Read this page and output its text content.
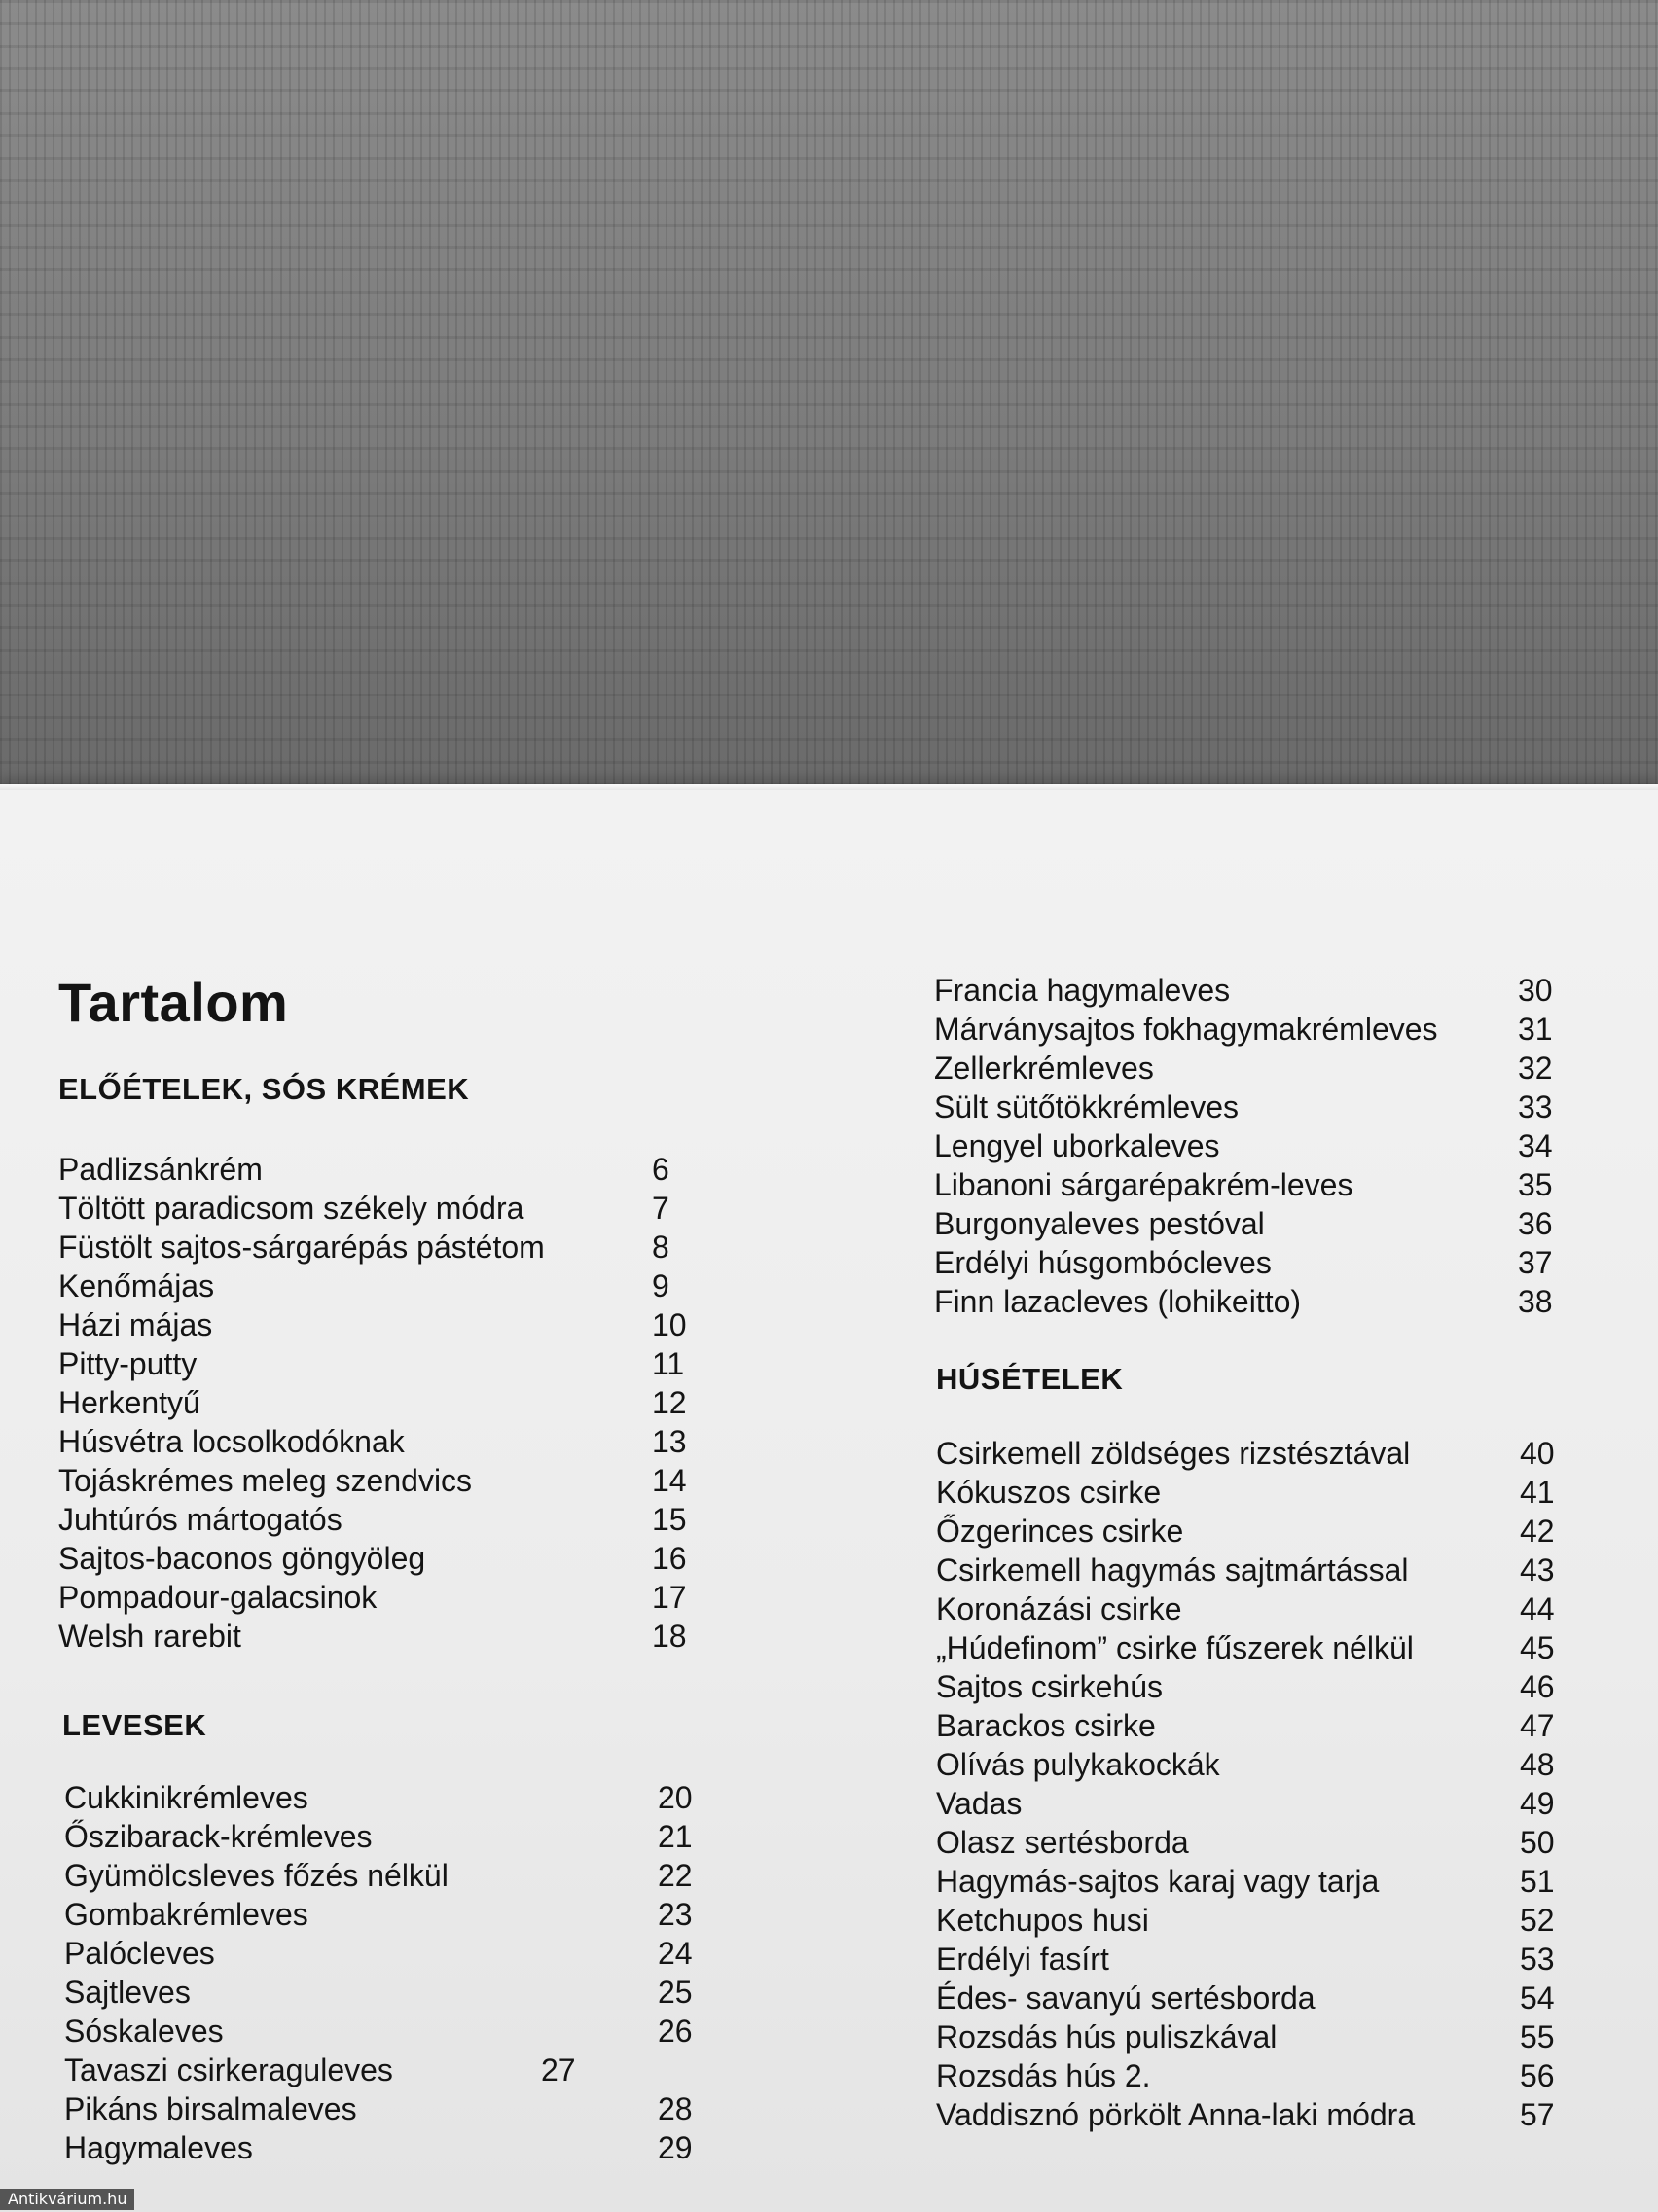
Tartalom
ELŐÉTELEK, SÓS KRÉMEK
Padlizsánkrém	6
Töltött paradicsom székely módra	7
Füstölt sajtos-sárgarépás pástétom	8
Kenőmájas	9
Házi májas	10
Pitty-putty	11
Herkentyű	12
Húsvétra locsolkodóknak	13
Tojáskrémes meleg szendvics	14
Juhtúrós mártogatós	15
Sajtos-baconos göngyöleg	16
Pompadour-galacsinok	17
Welsh rarebit	18
LEVESEK
Cukkinikrémleves	20
Őszibarack-krémleves	21
Gyümölcsleves főzés nélkül	22
Gombakrémleves	23
Palócleves	24
Sajtleves	25
Sóskaleves	26
Tavaszi csirkeraguleves	27
Pikáns birsalmaleves	28
Hagymaleves	29
Francia hagymaleves	30
Márványsajtos fokhagymakrémleves	31
Zellerkrémleves	32
Sült sütőtökkrémleves	33
Lengyel uborkaleves	34
Libanoni sárgarépakrém-leves	35
Burgonyaleves pestóval	36
Erdélyi húsgombócleves	37
Finn lazacleves (lohikeitto)	38
HÚSÉTELEK
Csirkemell zöldséges rizstésztával	40
Kókuszos csirke	41
Őzgerinces csirke	42
Csirkemell hagymás sajtmártással	43
Koronázási csirke	44
„Húdefinom” csirke fűszerek nélkül	45
Sajtos csirkehús	46
Barackos csirke	47
Olívás pulykakockák	48
Vadas	49
Olasz sertésborda	50
Hagymás-sajtos karaj vagy tarja	51
Ketchupos husi	52
Erdélyi fasírt	53
Édes- savanyú sertésborda	54
Rozsdás hús puliszkával	55
Rozsdás hús 2.	56
Vaddisznó pörkölt Anna-laki módra	57
Antikvárium.hu
